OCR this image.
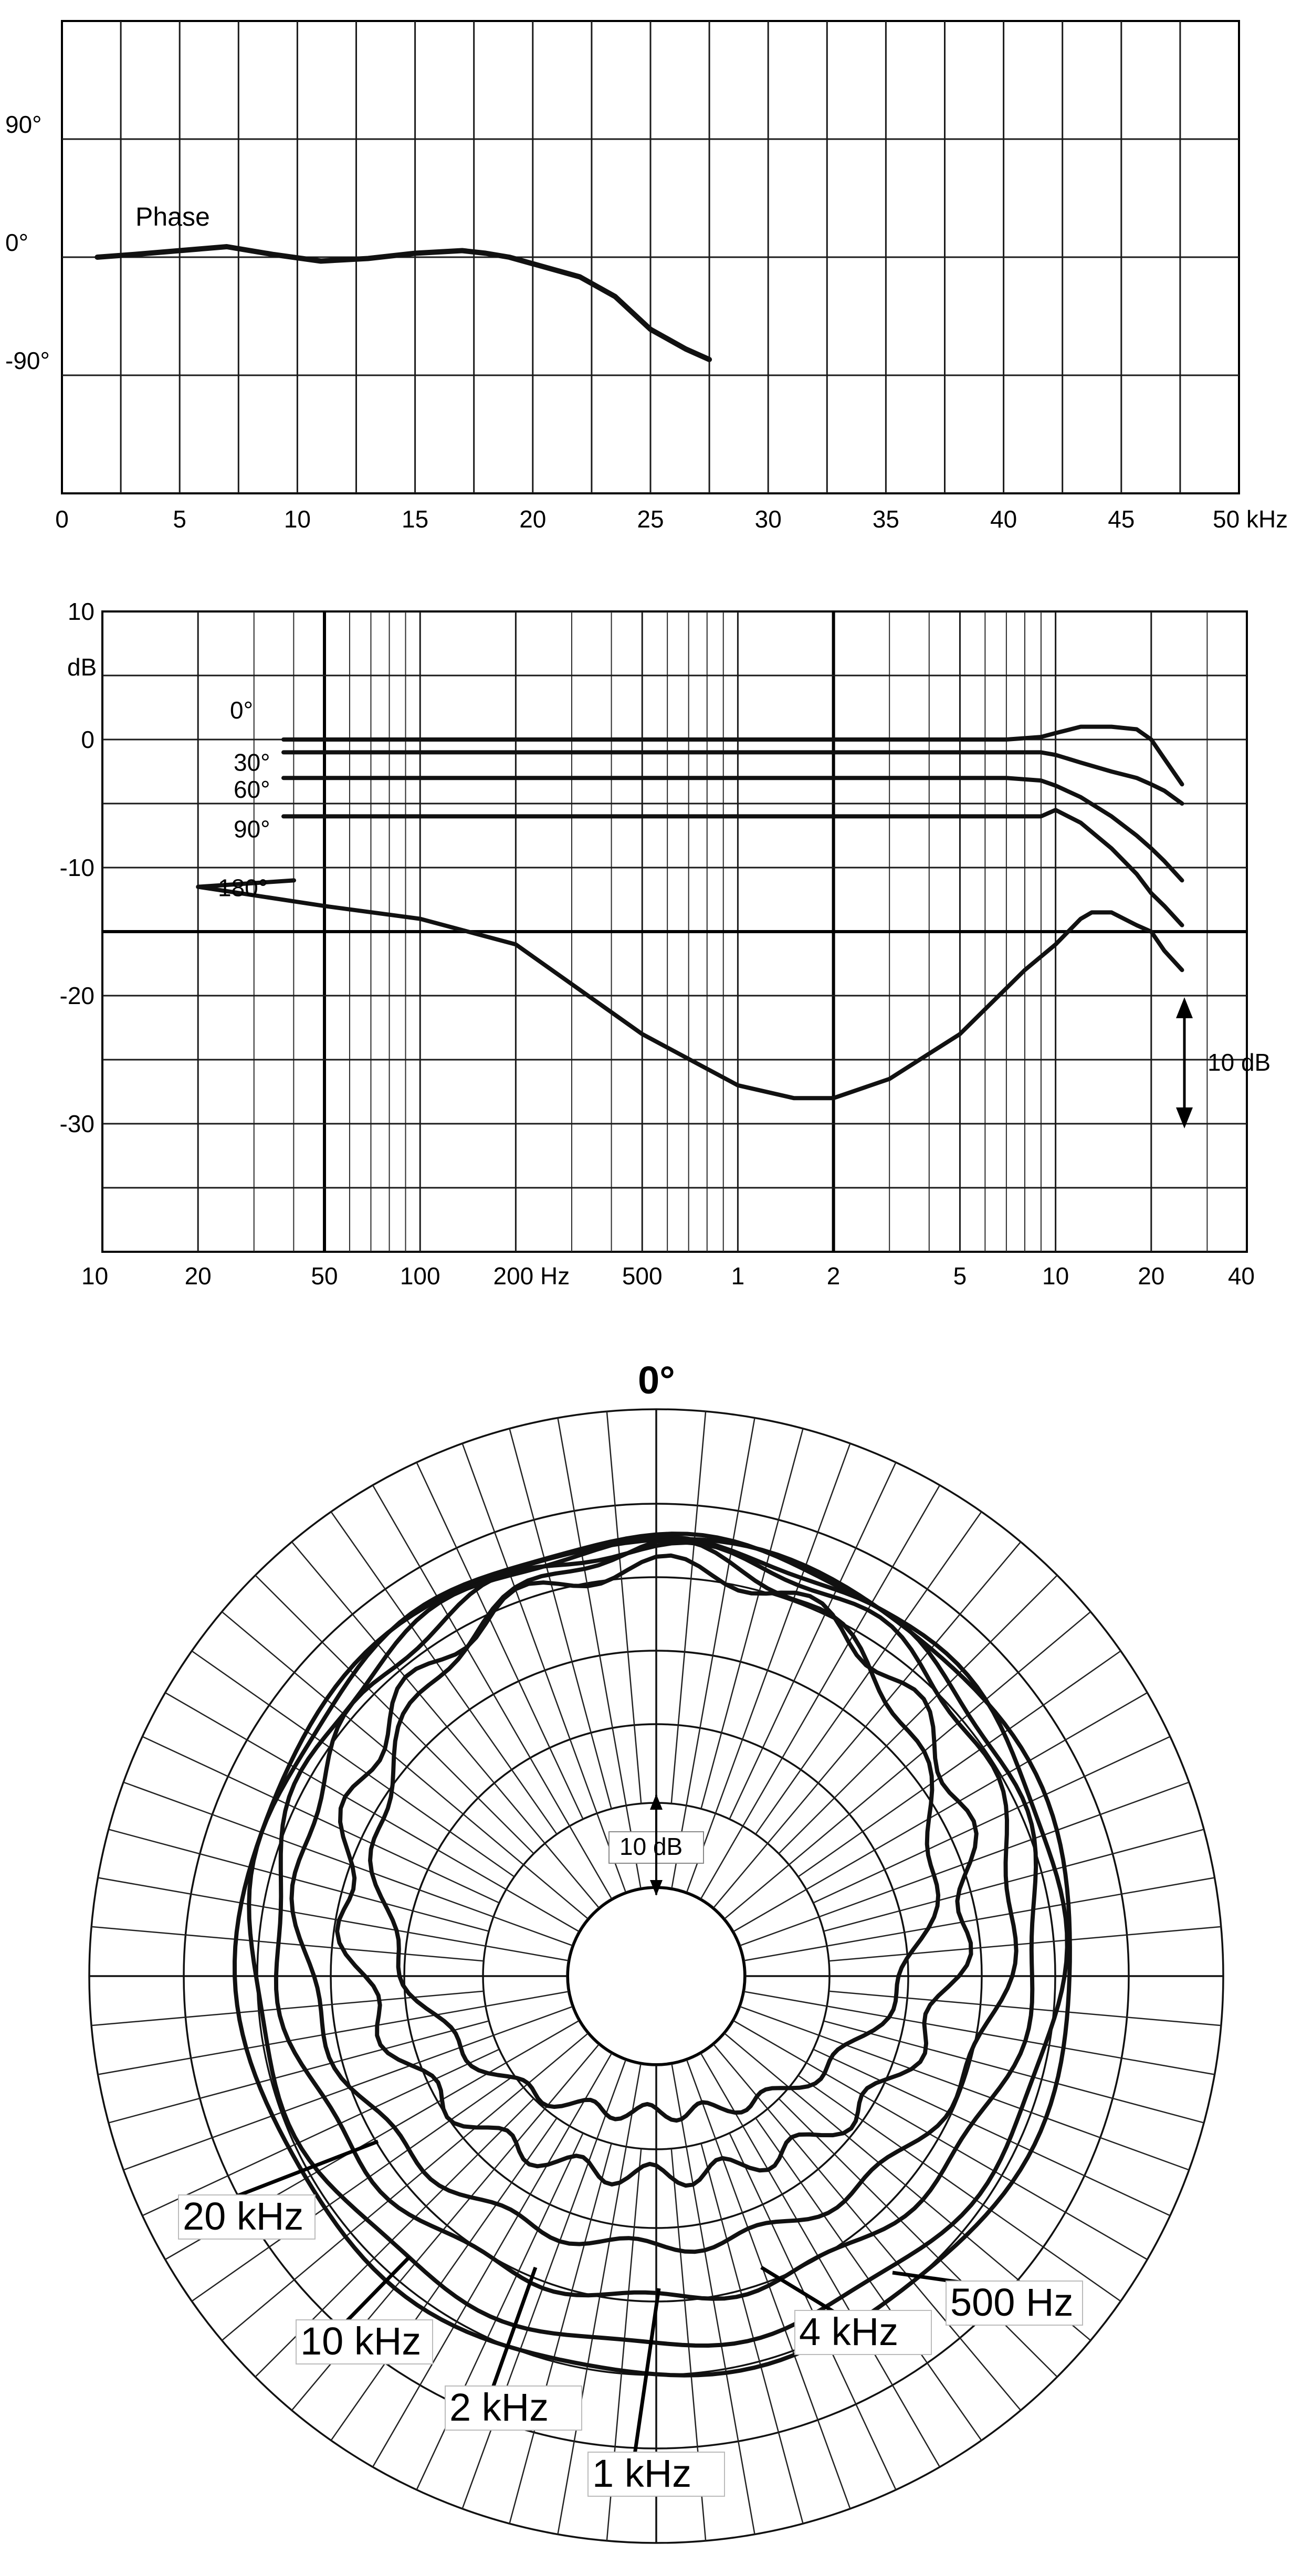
0	5	10	15	20	25	30	35	40	45	50 kHz
90°
0°
-90°
Phase
10	20	50	100 200 Hz 500	1	2	5	10	20	40
10
0
-10
-20
-30
dB
0°
30°
60°
90°
180°
10 dB
0°
10 dB
500 Hz
1 kHz
2 kHz
4 kHz
10 kHz
20 kHz
